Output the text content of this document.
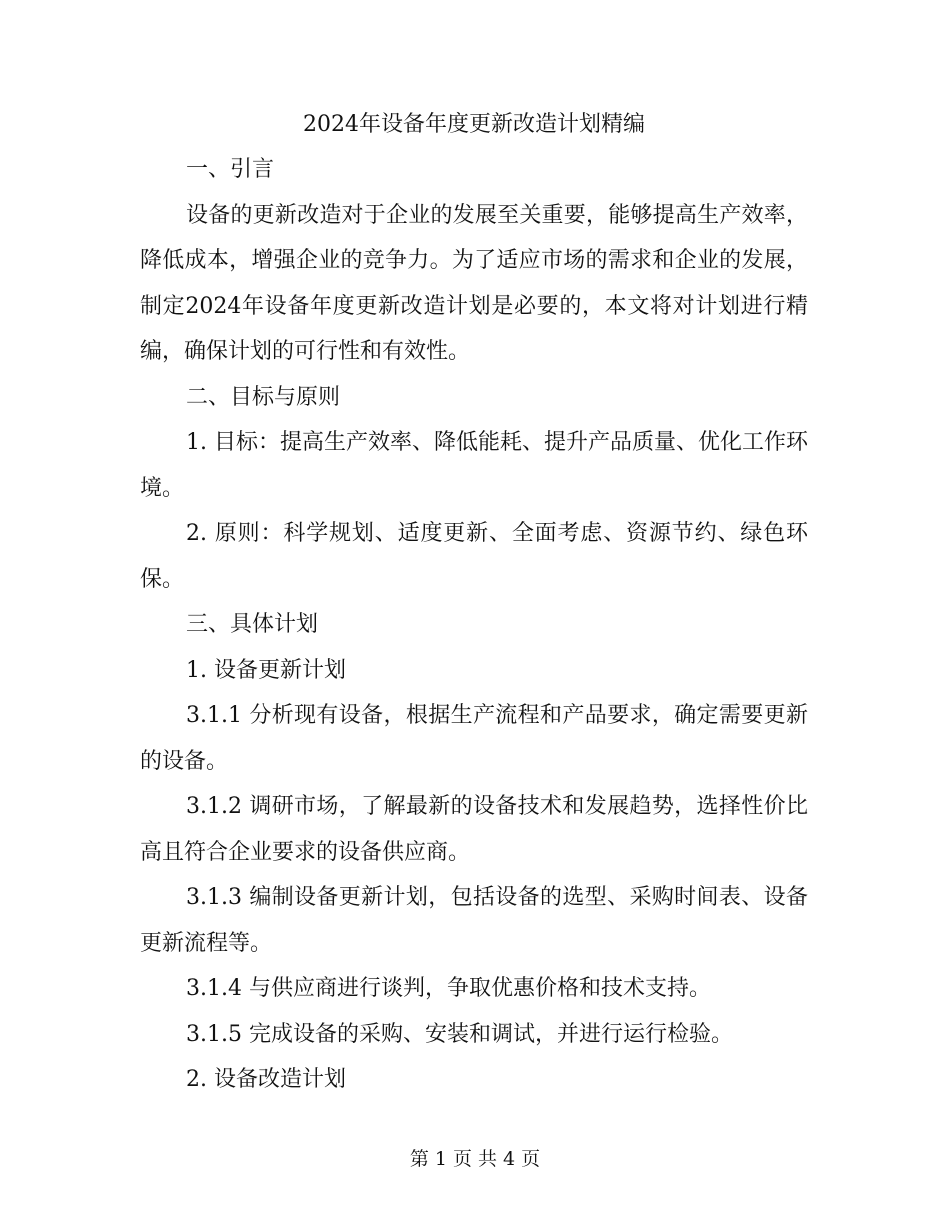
2024年设备年度更新改造计划精编

一、引言

设备的更新改造对于企业的发展至关重要，能够提高生产效率，降低成本，增强企业的竞争力。为了适应市场的需求和企业的发展，制定2024年设备年度更新改造计划是必要的，本文将对计划进行精编，确保计划的可行性和有效性。

二、目标与原则

1. 目标：提高生产效率、降低能耗、提升产品质量、优化工作环境。

2. 原则：科学规划、适度更新、全面考虑、资源节约、绿色环保。

三、具体计划

1. 设备更新计划

3.1.1 分析现有设备，根据生产流程和产品要求，确定需要更新的设备。

3.1.2 调研市场，了解最新的设备技术和发展趋势，选择性价比高且符合企业要求的设备供应商。

3.1.3 编制设备更新计划，包括设备的选型、采购时间表、设备更新流程等。

3.1.4 与供应商进行谈判，争取优惠价格和技术支持。

3.1.5 完成设备的采购、安装和调试，并进行运行检验。

2. 设备改造计划

第 1 页 共 4 页
